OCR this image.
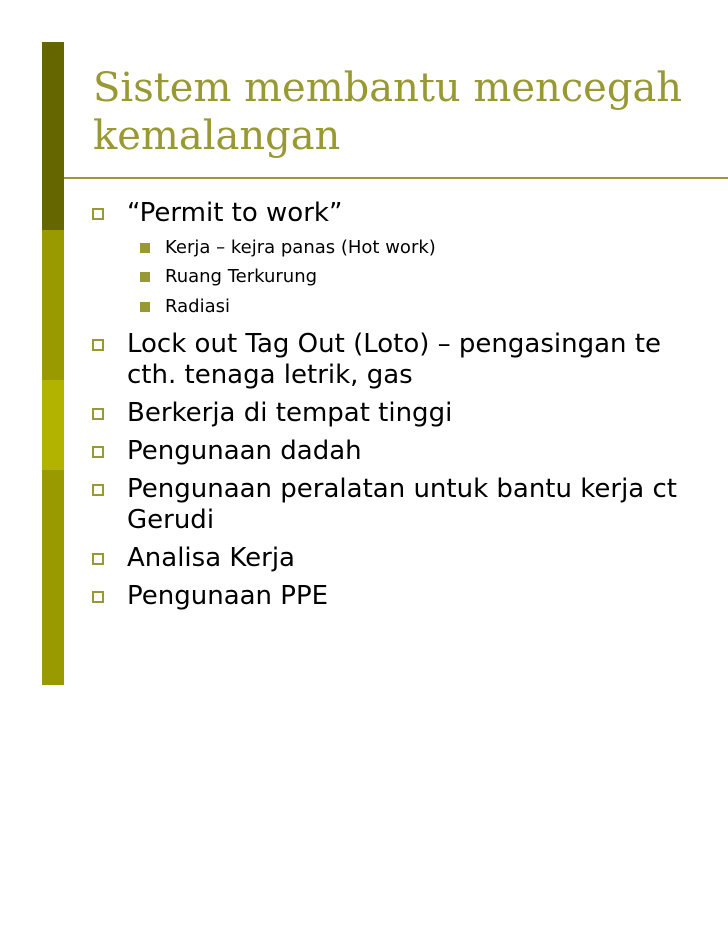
Sistem membantu mencegah
kemalangan
“Permit to work”
Kerja – kejra panas (Hot work)
Ruang Terkurung
Radiasi
Lock out Tag Out (Loto) – pengasingan te
cth. tenaga letrik, gas
Berkerja di tempat tinggi
Pengunaan dadah
Pengunaan peralatan untuk bantu kerja ct
Gerudi
Analisa Kerja
Pengunaan PPE
